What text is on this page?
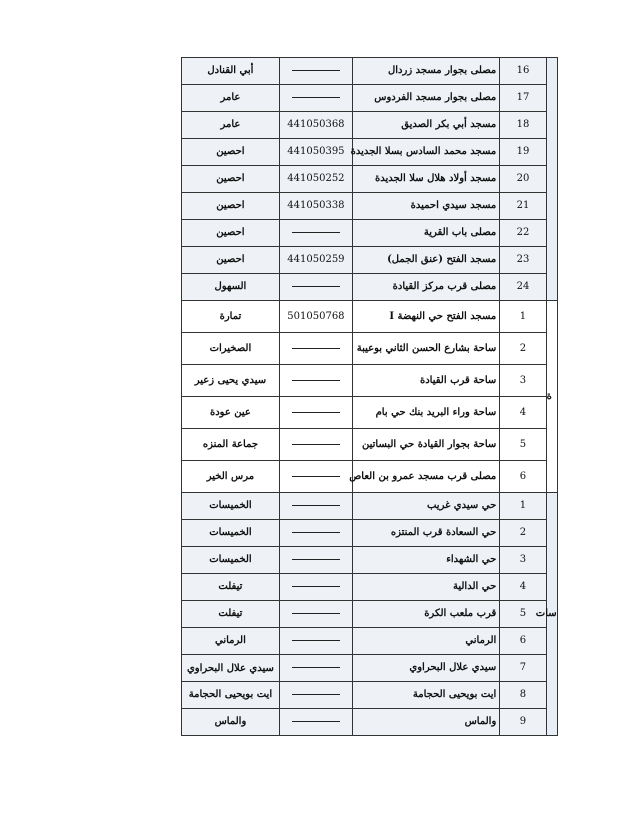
أبي القنادل		مصلى بجوار مسجد زردال	16	

عامر		مصلى بجوار مسجد الفردوس	17	
عامر	441050368	مسجد أبي بكر الصديق	18	
احصين	441050395	مسجد محمد السادس بسلا الجديدة	19	
احصين	441050252	مسجد أولاد هلال سلا الجديدة	20	
احصين	441050338	مسجد سيدي احميدة	21	
احصين		مصلى باب القرية	22	
احصين	441050259	مسجد الفتح (عنق الجمل)	23	
السهول		مصلى قرب مركز القيادة	24	
تمارة	501050768	مسجد الفتح حي النهضة I	1	ة

الصخيرات		ساحة بشارع الحسن الثاني بوعيبة	2	
سيدي يحيى زعير		ساحة قرب القيادة	3	
عين عودة		ساحة وراء البريد بنك حي بام	4	
جماعة المنزه		ساحة بجوار القيادة حي البساتين	5	
مرس الخير		مصلى قرب مسجد عمرو بن العاص	6	
الخميسات		حي سيدي غريب	1	سات

الخميسات		حي السعادة قرب المنتزه	2	
الخميسات		حي الشهداء	3	
تيفلت		حي الدالية	4	
تيفلت		قرب ملعب الكرة	5	
الرماني		الرماني	6	
سيدي علال البحراوي		سيدي علال البحراوي	7	
ايت بويحيى الحجامة		ايت بويحيى الحجامة	8	
والماس		والماس	9	
